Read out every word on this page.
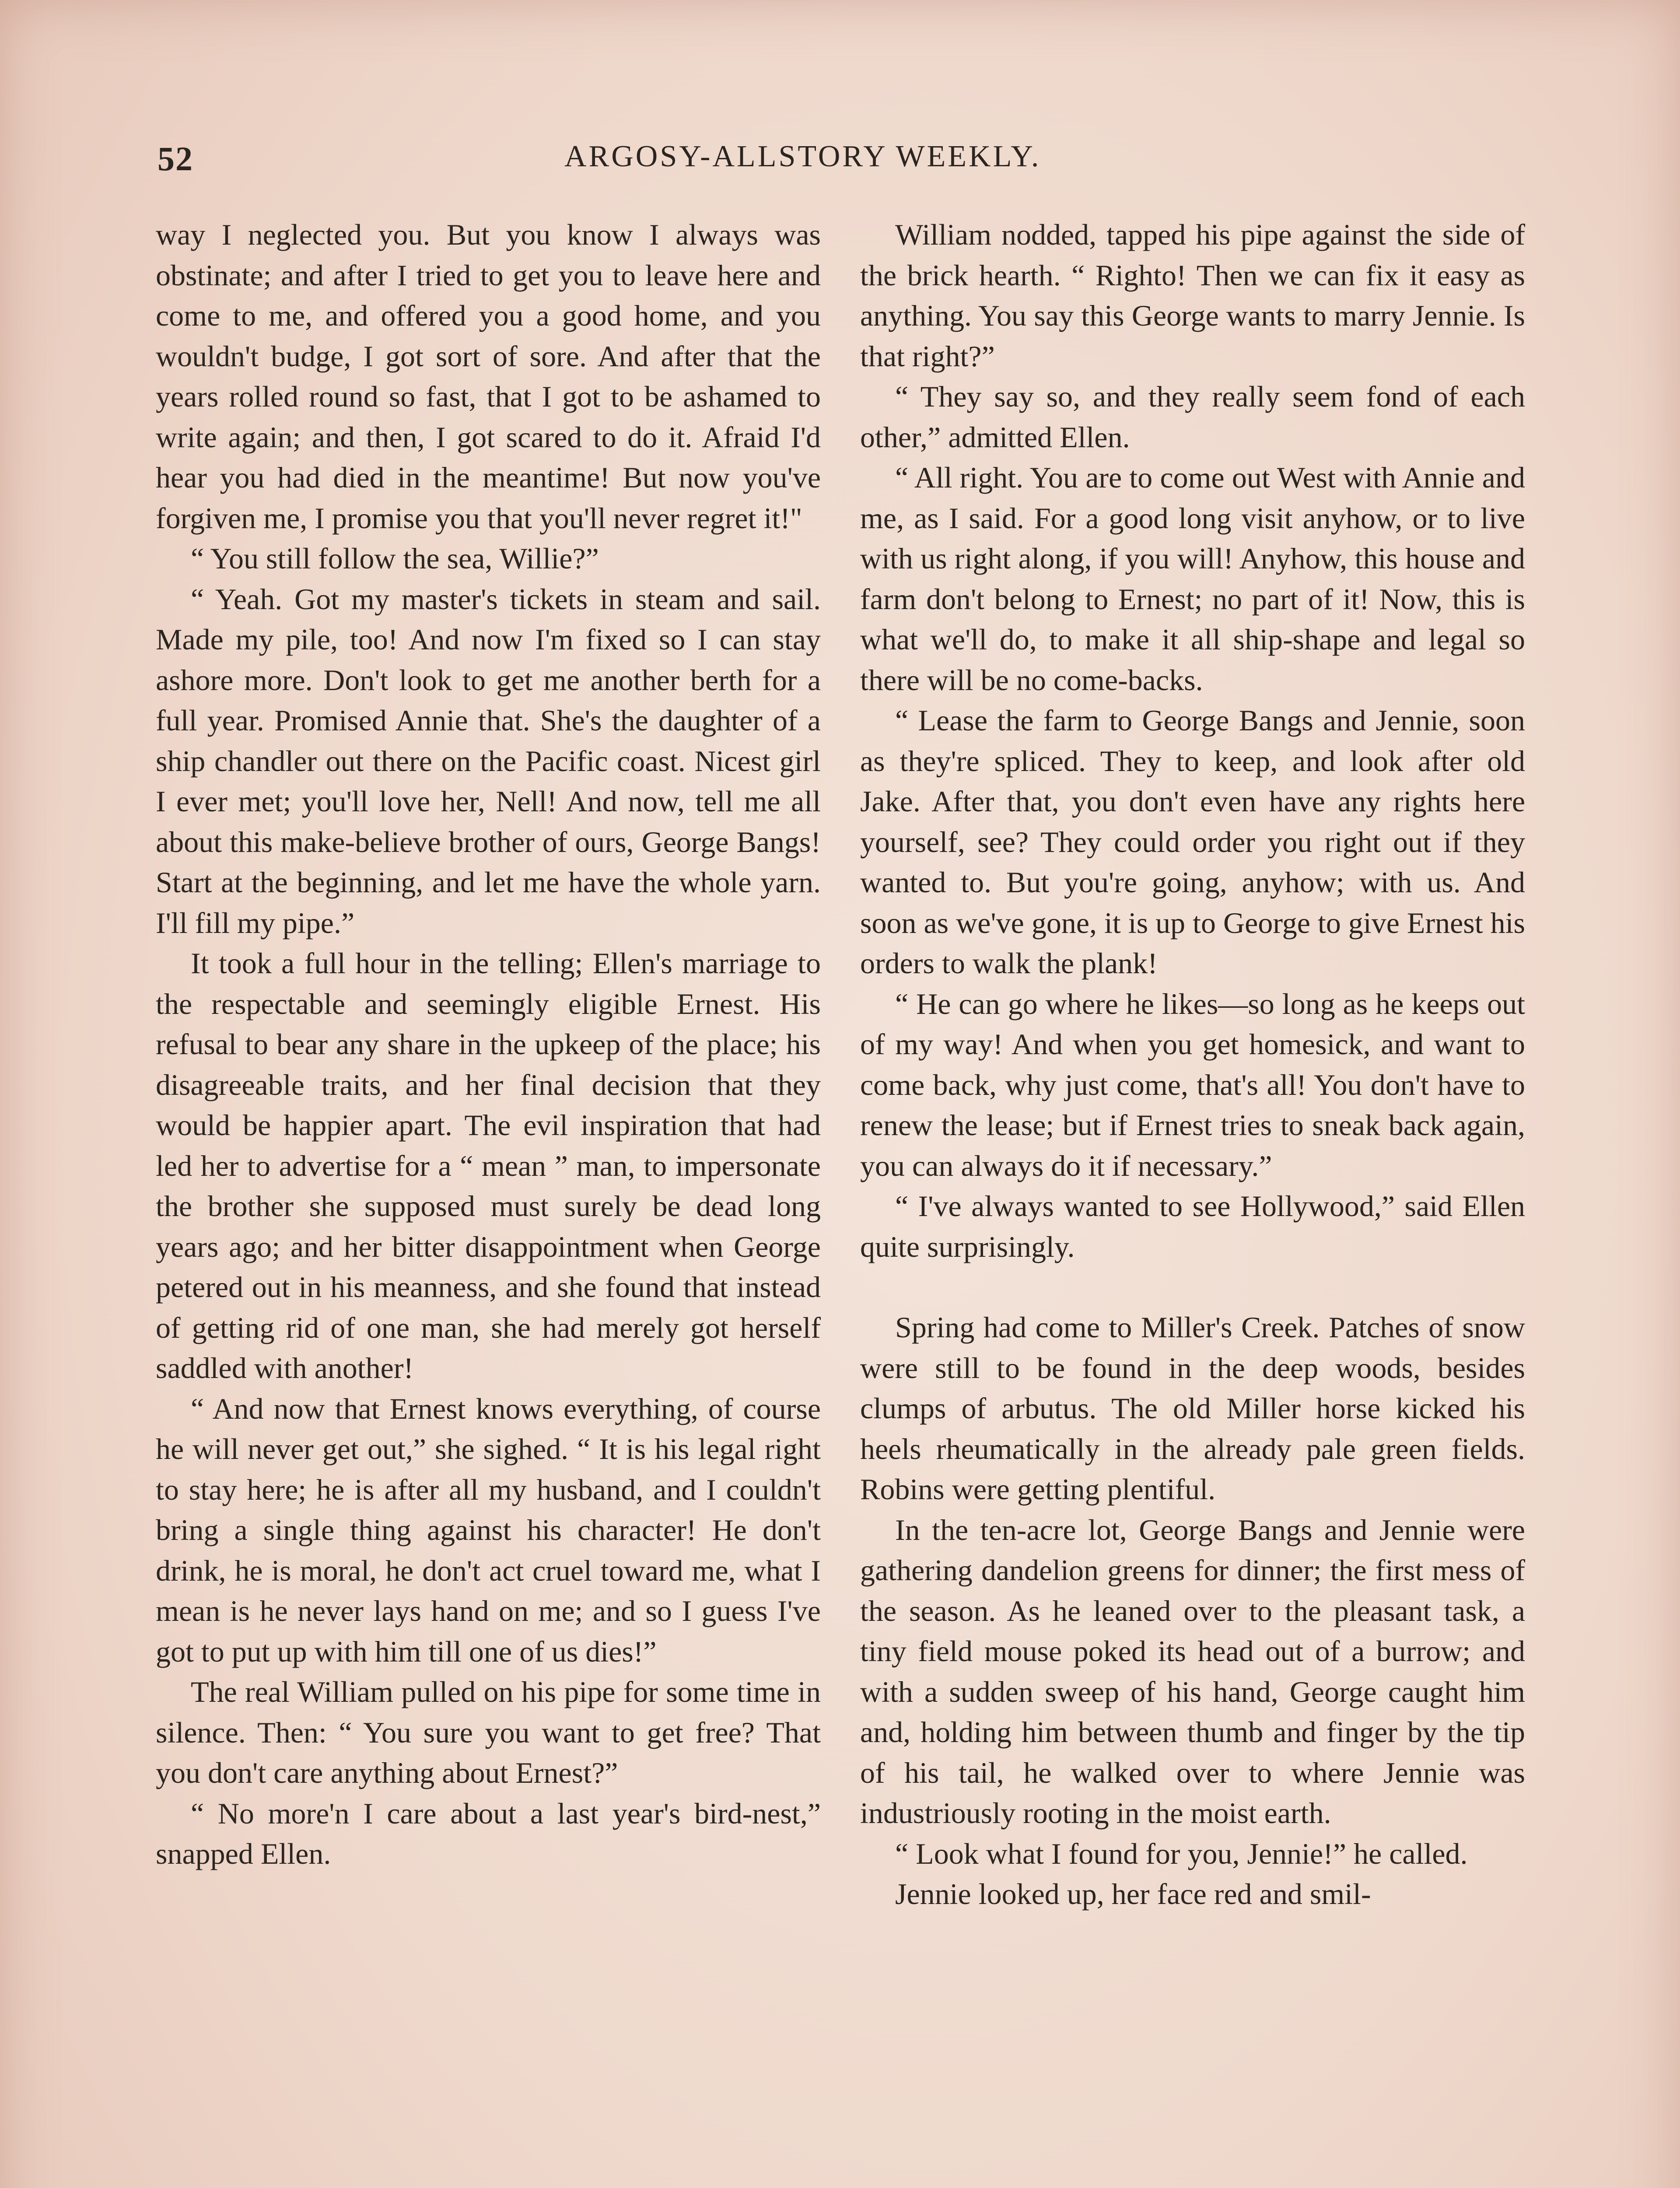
52	ARGOSY-ALLSTORY WEEKLY.

way I neglected you. But you know I always was obstinate; and after I tried to get you to leave here and come to me, and offered you a good home, and you wouldn't budge, I got sort of sore. And after that the years rolled round so fast, that I got to be ashamed to write again; and then, I got scared to do it. Afraid I'd hear you had died in the meantime! But now you've forgiven me, I promise you that you'll never regret it!"

“ You still follow the sea, Willie?”

“ Yeah. Got my master's tickets in steam and sail. Made my pile, too! And now I'm fixed so I can stay ashore more. Don't look to get me another berth for a full year. Promised Annie that. She's the daughter of a ship chandler out there on the Pacific coast. Nicest girl I ever met; you'll love her, Nell! And now, tell me all about this make-believe brother of ours, George Bangs! Start at the beginning, and let me have the whole yarn. I'll fill my pipe.”

It took a full hour in the telling; Ellen's marriage to the respectable and seemingly eligible Ernest. His refusal to bear any share in the upkeep of the place; his disagreeable traits, and her final decision that they would be happier apart. The evil inspiration that had led her to advertise for a “ mean ” man, to impersonate the brother she supposed must surely be dead long years ago; and her bitter disappointment when George petered out in his meanness, and she found that instead of getting rid of one man, she had merely got herself saddled with another!

“ And now that Ernest knows everything, of course he will never get out,” she sighed. “ It is his legal right to stay here; he is after all my husband, and I couldn't bring a single thing against his character! He don't drink, he is moral, he don't act cruel toward me, what I mean is he never lays hand on me; and so I guess I've got to put up with him till one of us dies!”

The real William pulled on his pipe for some time in silence. Then: “ You sure you want to get free? That you don't care anything about Ernest?”

“ No more'n I care about a last year's bird-nest,” snapped Ellen.

William nodded, tapped his pipe against the side of the brick hearth. “ Righto! Then we can fix it easy as anything. You say this George wants to marry Jennie. Is that right?”

“ They say so, and they really seem fond of each other,” admitted Ellen.

“ All right. You are to come out West with Annie and me, as I said. For a good long visit anyhow, or to live with us right along, if you will! Anyhow, this house and farm don't belong to Ernest; no part of it! Now, this is what we'll do, to make it all ship-shape and legal so there will be no come-backs.

“ Lease the farm to George Bangs and Jennie, soon as they're spliced. They to keep, and look after old Jake. After that, you don't even have any rights here yourself, see? They could order you right out if they wanted to. But you're going, anyhow; with us. And soon as we've gone, it is up to George to give Ernest his orders to walk the plank!

“ He can go where he likes—so long as he keeps out of my way! And when you get homesick, and want to come back, why just come, that's all! You don't have to renew the lease; but if Ernest tries to sneak back again, you can always do it if necessary.”

“ I've always wanted to see Hollywood,” said Ellen quite surprisingly.

Spring had come to Miller's Creek. Patches of snow were still to be found in the deep woods, besides clumps of arbutus. The old Miller horse kicked his heels rheumatically in the already pale green fields. Robins were getting plentiful.

In the ten-acre lot, George Bangs and Jennie were gathering dandelion greens for dinner; the first mess of the season. As he leaned over to the pleasant task, a tiny field mouse poked its head out of a burrow; and with a sudden sweep of his hand, George caught him and, holding him between thumb and finger by the tip of his tail, he walked over to where Jennie was industriously rooting in the moist earth.

“ Look what I found for you, Jennie!” he called.

Jennie looked up, her face red and smil-
